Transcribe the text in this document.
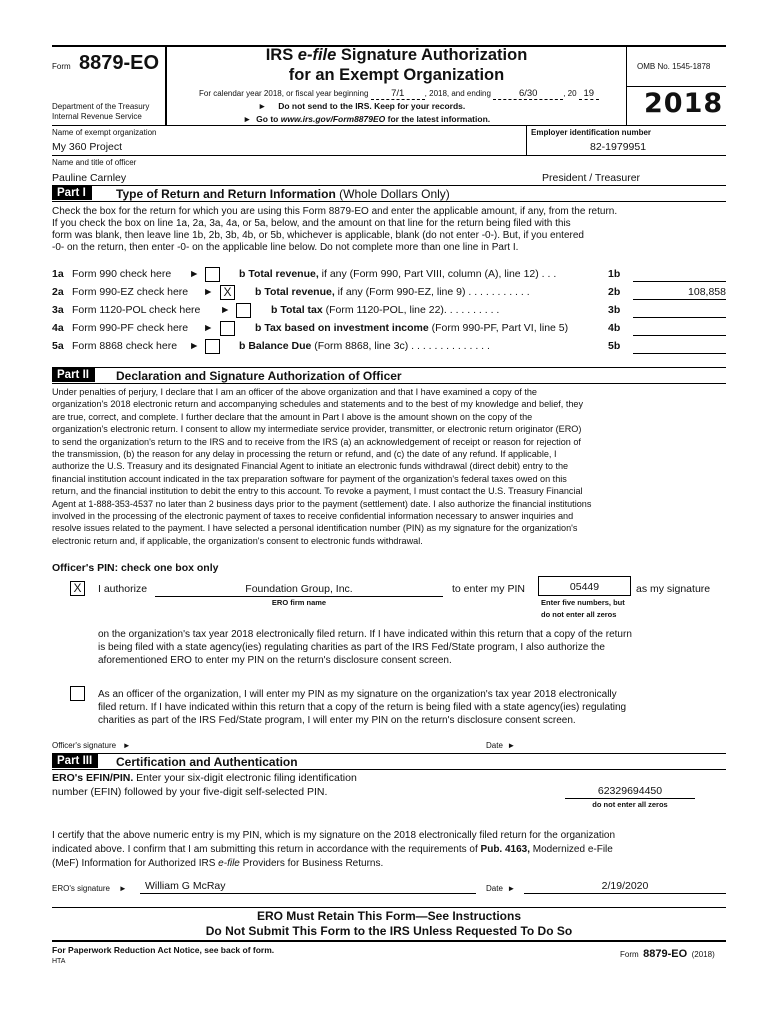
Form 8879-EO
Department of the Treasury
Internal Revenue Service
IRS e-file Signature Authorization
for an Exempt Organization
For calendar year 2018, or fiscal year beginning 7/1	, 2018, and ending	6/30	, 20 19
► Do not send to the IRS. Keep for your records.
► Go to www.irs.gov/Form8879EO for the latest information.
OMB No. 1545-1878
2018
Name of exempt organization
My 360 Project
Employer identification number
82-1979951
Name and title of officer
Pauline Carnley	President / Treasurer
Part I	Type of Return and Return Information (Whole Dollars Only)
Check the box for the return for which you are using this Form 8879-EO and enter the applicable amount, if any, from the return.
If you check the box on line 1a, 2a, 3a, 4a, or 5a, below, and the amount on that line for the return being filed with this
form was blank, then leave line 1b, 2b, 3b, 4b, or 5b, whichever is applicable, blank (do not enter -0-). But, if you entered
-0- on the return, then enter -0- on the applicable line below. Do not complete more than one line in Part I.
1a Form 990 check here ►	b Total revenue, if any (Form 990, Part VIII, column (A), line 12) . . .	1b
2a Form 990-EZ check here ► X	b Total revenue, if any (Form 990-EZ, line 9) . . . . . . . . . . .	2b	108,858
3a Form 1120-POL check here ►	b Total tax (Form 1120-POL, line 22). . . . . . . . . .	3b
4a Form 990-PF check here ►	b Tax based on investment income (Form 990-PF, Part VI, line 5)	4b
5a Form 8868 check here ►	b Balance Due (Form 8868, line 3c) . . . . . . . . . . . . . .	5b
Part II	Declaration and Signature Authorization of Officer
Under penalties of perjury, I declare that I am an officer of the above organization and that I have examined a copy of the
organization's 2018 electronic return and accompanying schedules and statements and to the best of my knowledge and belief, they
are true, correct, and complete. I further declare that the amount in Part I above is the amount shown on the copy of the
organization's electronic return. I consent to allow my intermediate service provider, transmitter, or electronic return originator (ERO)
to send the organization's return to the IRS and to receive from the IRS (a) an acknowledgement of receipt or reason for rejection of
the transmission, (b) the reason for any delay in processing the return or refund, and (c) the date of any refund. If applicable, I
authorize the U.S. Treasury and its designated Financial Agent to initiate an electronic funds withdrawal (direct debit) entry to the
financial institution account indicated in the tax preparation software for payment of the organization's federal taxes owed on this
return, and the financial institution to debit the entry to this account. To revoke a payment, I must contact the U.S. Treasury Financial
Agent at 1-888-353-4537 no later than 2 business days prior to the payment (settlement) date. I also authorize the financial institutions
involved in the processing of the electronic payment of taxes to receive confidential information necessary to answer inquiries and
resolve issues related to the payment. I have selected a personal identification number (PIN) as my signature for the organization's
electronic return and, if applicable, the organization's consent to electronic funds withdrawal.
Officer's PIN: check one box only
X	I authorize	Foundation Group, Inc.
ERO firm name
to enter my PIN	05449	as my signature
Enter five numbers, but
do not enter all zeros
on the organization's tax year 2018 electronically filed return. If I have indicated within this return that a copy of the return
is being filed with a state agency(ies) regulating charities as part of the IRS Fed/State program, I also authorize the
aforementioned ERO to enter my PIN on the return's disclosure consent screen.
As an officer of the organization, I will enter my PIN as my signature on the organization's tax year 2018 electronically
filed return. If I have indicated within this return that a copy of the return is being filed with a state agency(ies) regulating
charities as part of the IRS Fed/State program, I will enter my PIN on the return's disclosure consent screen.
Officer's signature ►	Date ►
Part III	Certification and Authentication
ERO's EFIN/PIN. Enter your six-digit electronic filing identification
number (EFIN) followed by your five-digit self-selected PIN.	62329694450
do not enter all zeros
I certify that the above numeric entry is my PIN, which is my signature on the 2018 electronically filed return for the organization
indicated above. I confirm that I am submitting this return in accordance with the requirements of Pub. 4163, Modernized e-File
(MeF) Information for Authorized IRS e-file Providers for Business Returns.
ERO's signature ► William G McRay	Date ►	2/19/2020
ERO Must Retain This Form—See Instructions
Do Not Submit This Form to the IRS Unless Requested To Do So
For Paperwork Reduction Act Notice, see back of form.
HTA
Form 8879-EO (2018)
